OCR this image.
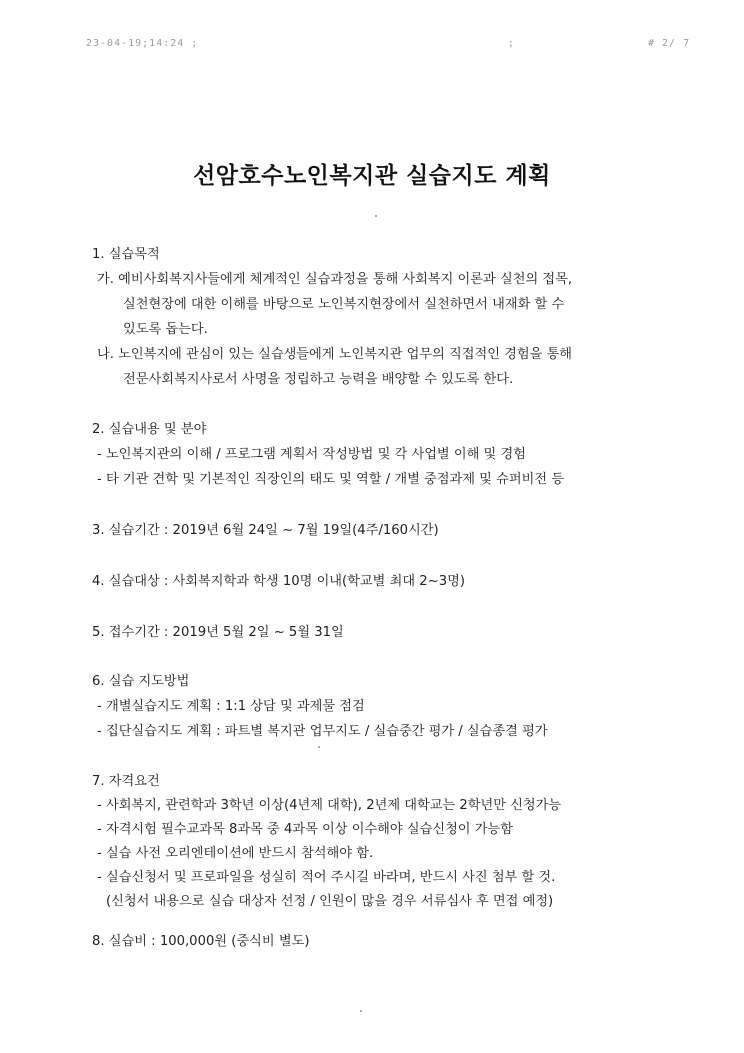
23-04-19;14:24 ;	;	# 2/ 7
선암호수노인복지관 실습지도 계획
1. 실습목적
가. 예비사회복지사들에게 체계적인 실습과정을 통해 사회복지 이론과 실천의 접목,
실천현장에 대한 이해를 바탕으로 노인복지현장에서 실천하면서 내재화 할 수
있도록 돕는다.
나. 노인복지에 관심이 있는 실습생들에게 노인복지관 업무의 직접적인 경험을 통해
전문사회복지사로서 사명을 정립하고 능력을 배양할 수 있도록 한다.
2. 실습내용 및 분야
- 노인복지관의 이해 / 프로그램 계획서 작성방법 및 각 사업별 이해 및 경험
- 타 기관 견학 및 기본적인 직장인의 태도 및 역할 / 개별 중점과제 및 슈퍼비전 등
3. 실습기간 : 2019년 6월 24일 ~ 7월 19일(4주/160시간)
4. 실습대상 : 사회복지학과 학생 10명 이내(학교별 최대 2~3명)
5. 접수기간 : 2019년 5월 2일 ~ 5월 31일
6. 실습 지도방법
- 개별실습지도 계획 : 1:1 상담 및 과제물 점검
- 집단실습지도 계획 : 파트별 복지관 업무지도 / 실습중간 평가 / 실습종결 평가
7. 자격요건
- 사회복지, 관련학과 3학년 이상(4년제 대학), 2년제 대학교는 2학년만 신청가능
- 자격시험 필수교과목 8과목 중 4과목 이상 이수해야 실습신청이 가능함
- 실습 사전 오리엔테이션에 반드시 참석해야 함.
- 실습신청서 및 프로파일을 성실히 적어 주시길 바라며, 반드시 사진 첨부 할 것.
(신청서 내용으로 실습 대상자 선정 / 인원이 많을 경우 서류심사 후 면접 예정)
8. 실습비 : 100,000원 (중식비 별도)
